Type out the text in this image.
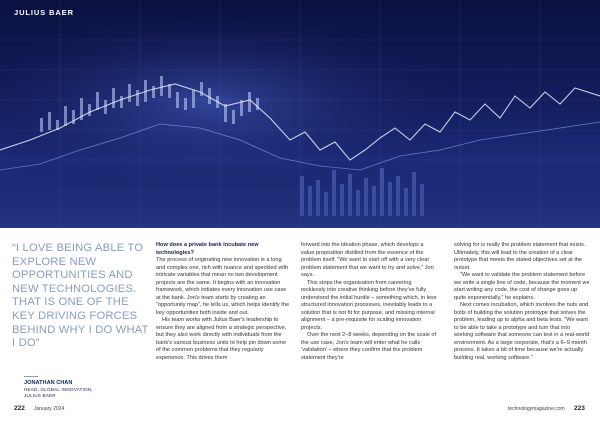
JULIUS BAER
“I LOVE BEING ABLE TO EXPLORE NEW OPPORTUNITIES AND NEW TECHNOLOGIES. THAT IS ONE OF THE KEY DRIVING FORCES BEHIND WHY I DO WHAT I DO”
JONATHAN CHAN
HEAD, GLOBAL INNOVATION,
JULIUS BAER

How does a private bank incubate new technologies?

The process of originating new innovation is a long and complex one, rich with nuance and speckled with intricate variables that mean no two development projects are the same. It begins with an innovation framework, which initiates every innovation use case at the bank. Jon's team starts by creating an “opportunity map”, he tells us, which helps identify the key opportunities both inside and out.

His team works with Julius Baer's leadership to ensure they are aligned from a strategic perspective, but they also work directly with individuals from the bank's various business units to help pin down some of the common problems that they regularly experience. This drives them

forward into the ideation phase, which develops a value proposition distilled from the essence of the problem itself. “We want to start off with a very clear problem statement that we want to try and solve,” Jon says.

This stops the organisation from careering recklessly into creative thinking before they've fully understood the initial hurdle – something which, in less structured innovation processes, inevitably leads to a solution that is not fit for purpose, and missing internal alignment – a pre-requisite for scaling innovation projects.

Over the next 2–8 weeks, depending on the scale of the use case, Jon's team will enter what he calls ‘validation’ – where they confirm that the problem statement they're

solving for is really the problem statement that exists. Ultimately, this will lead to the creation of a clear prototype that meets the stated objectives set at the outset.

“We want to validate the problem statement before we write a single line of code, because the moment we start writing any code, the cost of change goes up quite exponentially,” he explains.

Next comes incubation, which involves the nuts and bolts of building the solution prototype that solves the problem, leading up to alpha and beta tests. “We want to be able to take a prototype and turn that into working software that someone can test in a real-world environment. As a large corporate, that's a 6–9 month process. It takes a bit of time because we're actually building real, working software.”

222 January 2024	technologymagazine.com 223
